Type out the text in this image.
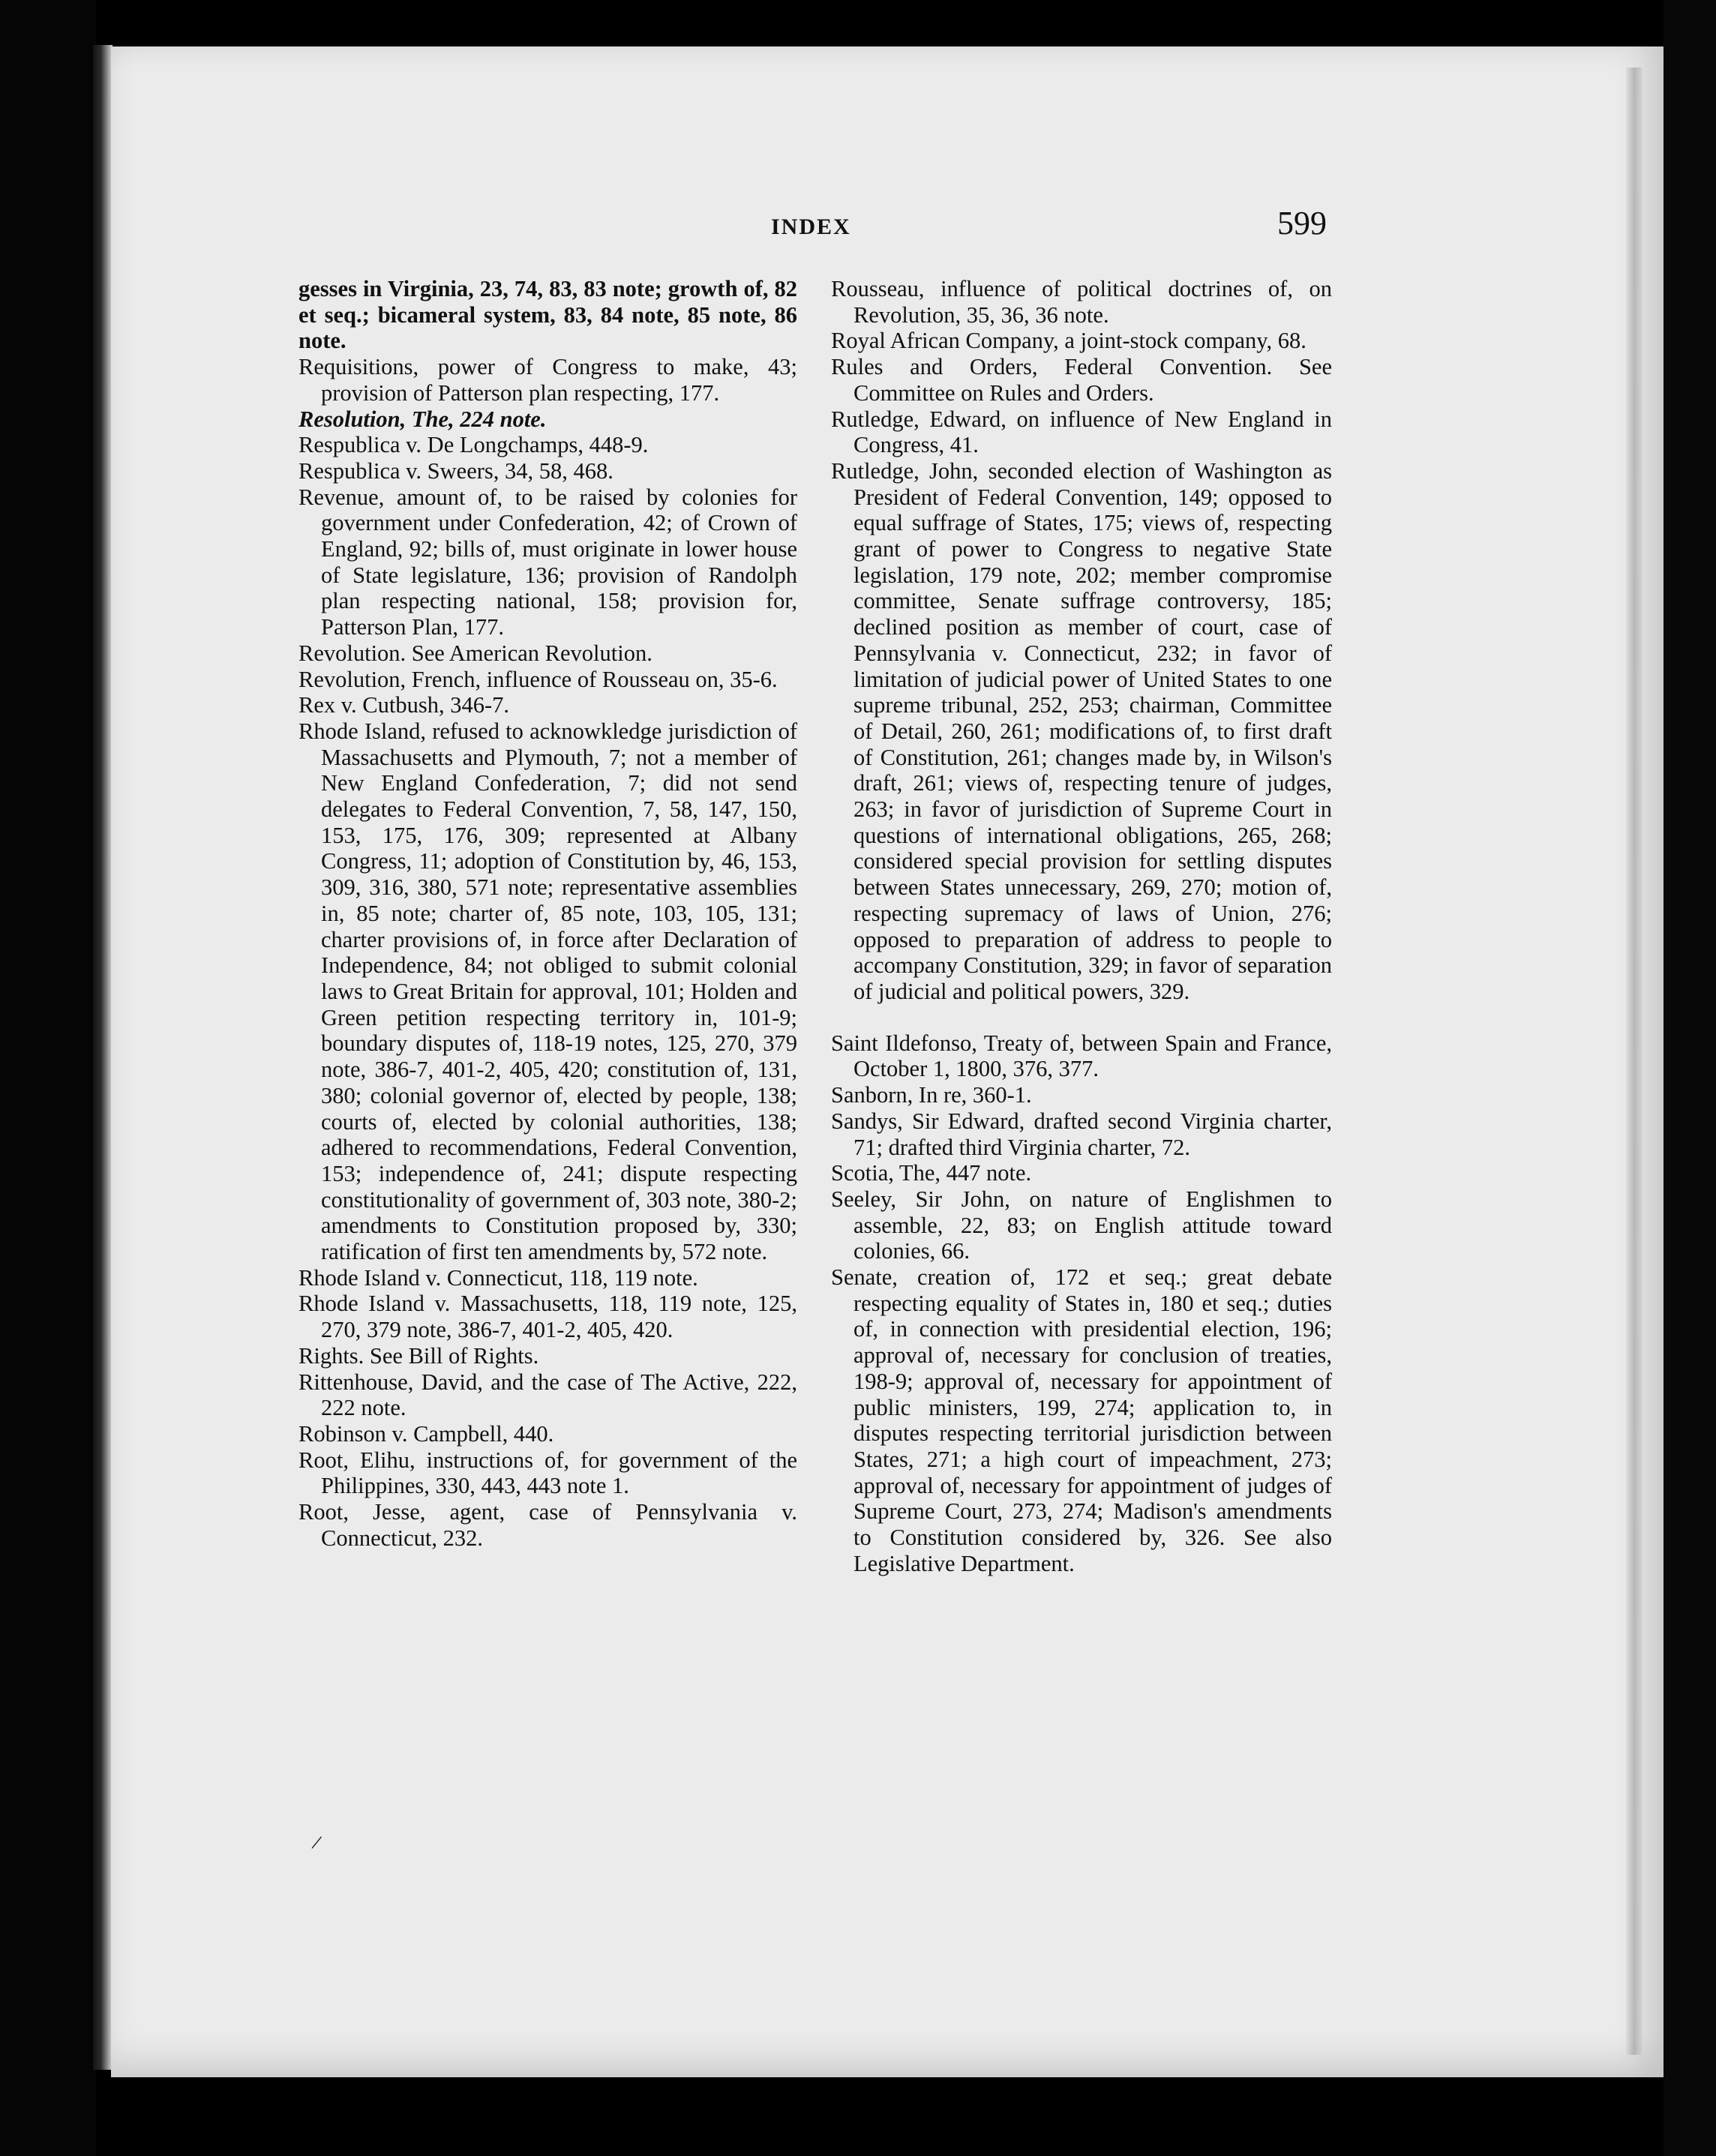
INDEX	599

gesses in Virginia, 23, 74, 83, 83 note; growth of, 82 et seq.; bicameral system, 83, 84 note, 85 note, 86 note.

Requisitions, power of Congress to make, 43; provision of Patterson plan respecting, 177.

Resolution, The, 224 note.

Respublica v. De Longchamps, 448-9.

Respublica v. Sweers, 34, 58, 468.

Revenue, amount of, to be raised by colonies for government under Confederation, 42; of Crown of England, 92; bills of, must originate in lower house of State legislature, 136; provision of Randolph plan respecting national, 158; provision for, Patterson Plan, 177.

Revolution. See American Revolution.

Revolution, French, influence of Rousseau on, 35-6.

Rex v. Cutbush, 346-7.

Rhode Island, refused to acknowkledge jurisdiction of Massachusetts and Plymouth, 7; not a member of New England Confederation, 7; did not send delegates to Federal Convention, 7, 58, 147, 150, 153, 175, 176, 309; represented at Albany Congress, 11; adoption of Constitution by, 46, 153, 309, 316, 380, 571 note; representative assemblies in, 85 note; charter of, 85 note, 103, 105, 131; charter provisions of, in force after Declaration of Independence, 84; not obliged to submit colonial laws to Great Britain for approval, 101; Holden and Green petition respecting territory in, 101-9; boundary disputes of, 118-19 notes, 125, 270, 379 note, 386-7, 401-2, 405, 420; constitution of, 131, 380; colonial governor of, elected by people, 138; courts of, elected by colonial authorities, 138; adhered to recommendations, Federal Convention, 153; independence of, 241; dispute respecting constitutionality of government of, 303 note, 380-2; amendments to Constitution proposed by, 330; ratification of first ten amendments by, 572 note.

Rhode Island v. Connecticut, 118, 119 note.

Rhode Island v. Massachusetts, 118, 119 note, 125, 270, 379 note, 386-7, 401-2, 405, 420.

Rights. See Bill of Rights.

Rittenhouse, David, and the case of The Active, 222, 222 note.

Robinson v. Campbell, 440.

Root, Elihu, instructions of, for government of the Philippines, 330, 443, 443 note 1.

Root, Jesse, agent, case of Pennsylvania v. Connecticut, 232.

Rousseau, influence of political doctrines of, on Revolution, 35, 36, 36 note.

Royal African Company, a joint-stock company, 68.

Rules and Orders, Federal Convention. See Committee on Rules and Orders.

Rutledge, Edward, on influence of New England in Congress, 41.

Rutledge, John, seconded election of Washington as President of Federal Convention, 149; opposed to equal suffrage of States, 175; views of, respecting grant of power to Congress to negative State legislation, 179 note, 202; member compromise committee, Senate suffrage controversy, 185; declined position as member of court, case of Pennsylvania v. Connecticut, 232; in favor of limitation of judicial power of United States to one supreme tribunal, 252, 253; chairman, Committee of Detail, 260, 261; modifications of, to first draft of Constitution, 261; changes made by, in Wilson's draft, 261; views of, respecting tenure of judges, 263; in favor of jurisdiction of Supreme Court in questions of international obligations, 265, 268; considered special provision for settling disputes between States unnecessary, 269, 270; motion of, respecting supremacy of laws of Union, 276; opposed to preparation of address to people to accompany Constitution, 329; in favor of separation of judicial and political powers, 329.

Saint Ildefonso, Treaty of, between Spain and France, October 1, 1800, 376, 377.

Sanborn, In re, 360-1.

Sandys, Sir Edward, drafted second Virginia charter, 71; drafted third Virginia charter, 72.

Scotia, The, 447 note.

Seeley, Sir John, on nature of Englishmen to assemble, 22, 83; on English attitude toward colonies, 66.

Senate, creation of, 172 et seq.; great debate respecting equality of States in, 180 et seq.; duties of, in connection with presidential election, 196; approval of, necessary for conclusion of treaties, 198-9; approval of, necessary for appointment of public ministers, 199, 274; application to, in disputes respecting territorial jurisdiction between States, 271; a high court of impeachment, 273; approval of, necessary for appointment of judges of Supreme Court, 273, 274; Madison's amendments to Constitution considered by, 326. See also Legislative Department.

/
